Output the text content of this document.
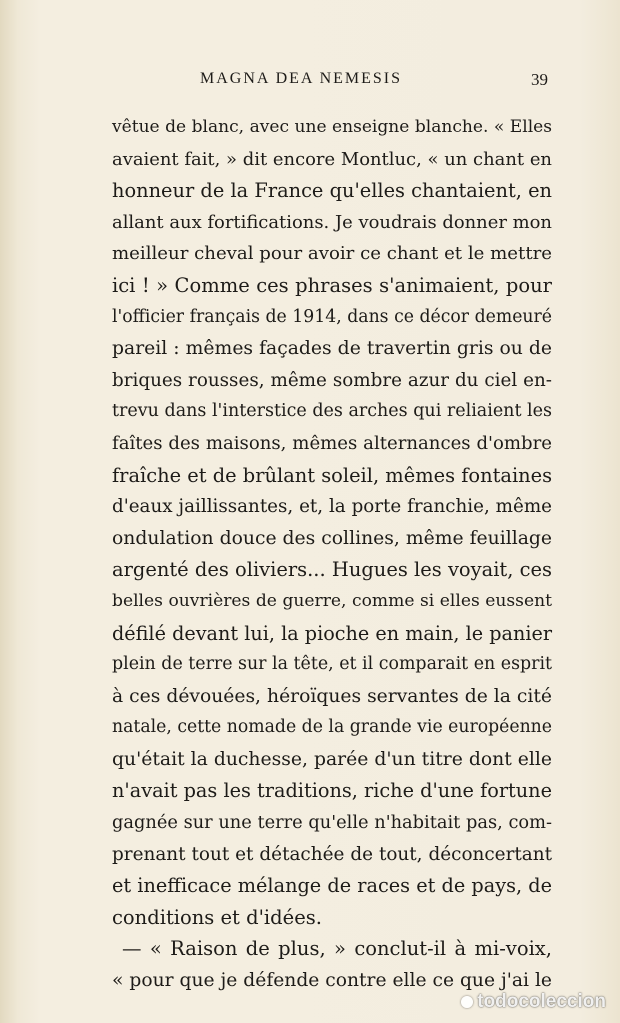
MAGNA DEA NEMESIS	39
vêtue de blanc, avec une enseigne blanche. « Elles
avaient fait, » dit encore Montluc, « un chant en
honneur de la France qu'elles chantaient, en
allant aux fortifications. Je voudrais donner mon
meilleur cheval pour avoir ce chant et le mettre
ici ! » Comme ces phrases s'animaient, pour
l'officier français de 1914, dans ce décor demeuré
pareil : mêmes façades de travertin gris ou de
briques rousses, même sombre azur du ciel en-
trevu dans l'interstice des arches qui reliaient les
faîtes des maisons, mêmes alternances d'ombre
fraîche et de brûlant soleil, mêmes fontaines
d'eaux jaillissantes, et, la porte franchie, même
ondulation douce des collines, même feuillage
argenté des oliviers... Hugues les voyait, ces
belles ouvrières de guerre, comme si elles eussent
défilé devant lui, la pioche en main, le panier
plein de terre sur la tête, et il comparait en esprit
à ces dévouées, héroïques servantes de la cité
natale, cette nomade de la grande vie européenne
qu'était la duchesse, parée d'un titre dont elle
n'avait pas les traditions, riche d'une fortune
gagnée sur une terre qu'elle n'habitait pas, com-
prenant tout et détachée de tout, déconcertant
et inefficace mélange de races et de pays, de
conditions et d'idées.
— « Raison de plus, » conclut-il à mi-voix,
« pour que je défende contre elle ce que j'ai le
todocoleccion
